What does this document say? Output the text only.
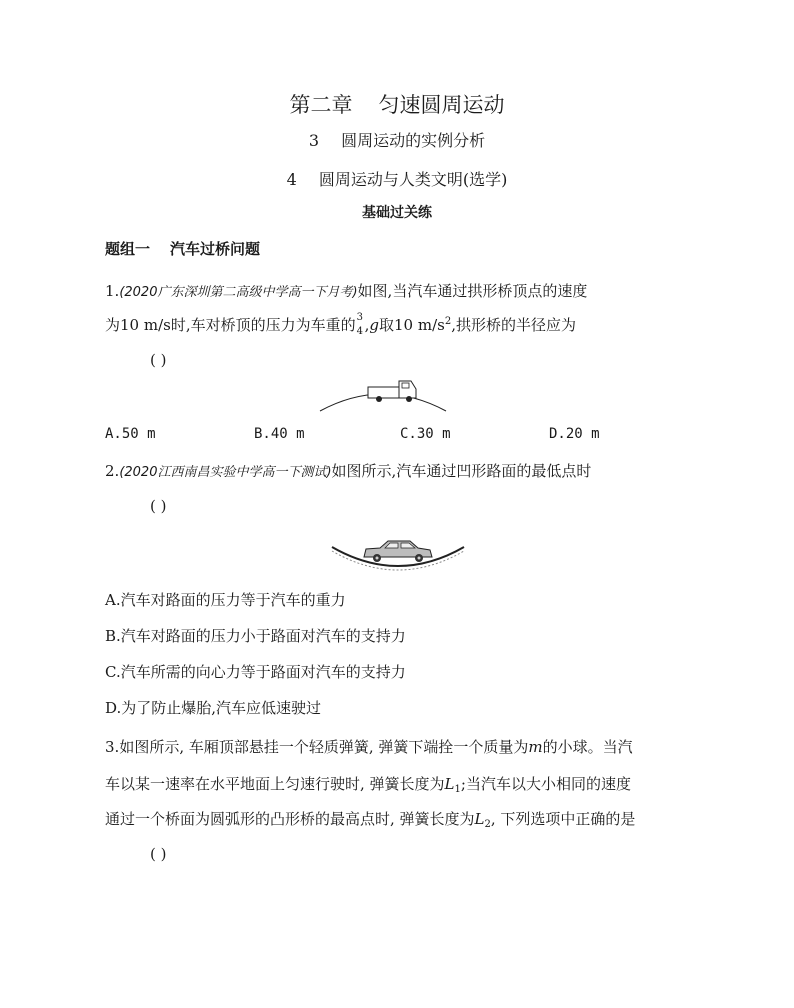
第二章 匀速圆周运动
3 圆周运动的实例分析
4 圆周运动与人类文明(选学)
基础过关练
题组一 汽车过桥问题
1.(2020广东深圳第二高级中学高一下月考)如图,当汽车通过拱形桥顶点的速度
为10 m/s时,车对桥顶的压力为车重的 3
4 ,g取10 $m/s^2$,拱形桥的半径应为
( )
A.50 m	B.40 m	C.30 m	D.20 m
2.(2020江西南昌实验中学高一下测试)如图所示,汽车通过凹形路面的最低点时
( )
A.汽车对路面的压力等于汽车的重力
B.汽车对路面的压力小于路面对汽车的支持力
C.汽车所需的向心力等于路面对汽车的支持力
D.为了防止爆胎,汽车应低速驶过
3.如图所示, 车厢顶部悬挂一个轻质弹簧, 弹簧下端拴一个质量为m的小球。当汽
车以某一速率在水平地面上匀速行驶时, 弹簧长度为$L_1$;当汽车以大小相同的速度
通过一个桥面为圆弧形的凸形桥的最高点时, 弹簧长度为$L_2$, 下列选项中正确的是
( )
